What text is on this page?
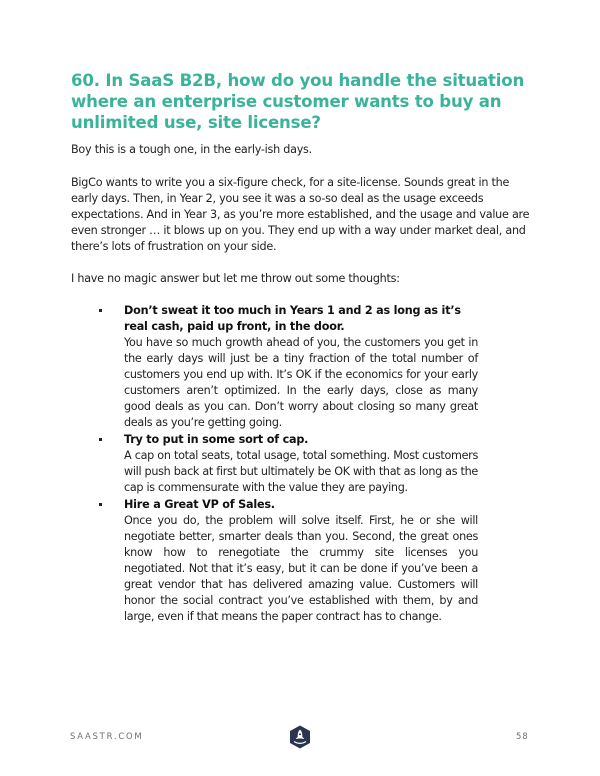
60. In SaaS B2B, how do you handle the situation where an enterprise customer wants to buy an unlimited use, site license?

Boy this is a tough one, in the early-ish days.

BigCo wants to write you a six-figure check, for a site-license. Sounds great in the early days. Then, in Year 2, you see it was a so-so deal as the usage exceeds expectations. And in Year 3, as you’re more established, and the usage and value are even stronger … it blows up on you. They end up with a way under market deal, and there’s lots of frustration on your side.

I have no magic answer but let me throw out some thoughts:

Don’t sweat it too much in Years 1 and 2 as long as it’s real cash, paid up front, in the door.
You have so much growth ahead of you, the customers you get in the early days will just be a tiny fraction of the total number of customers you end up with. It’s OK if the economics for your early customers aren’t optimized. In the early days, close as many good deals as you can. Don’t worry about closing so many great deals as you’re getting going.
Try to put in some sort of cap.
A cap on total seats, total usage, total something. Most customers will push back at first but ultimately be OK with that as long as the cap is commensurate with the value they are paying.
Hire a Great VP of Sales.
Once you do, the problem will solve itself. First, he or she will negotiate better, smarter deals than you. Second, the great ones know how to renegotiate the crummy site licenses you negotiated. Not that it’s easy, but it can be done if you’ve been a great vendor that has delivered amazing value. Customers will honor the social contract you’ve established with them, by and large, even if that means the paper contract has to change.
SAASTR.COM	58
